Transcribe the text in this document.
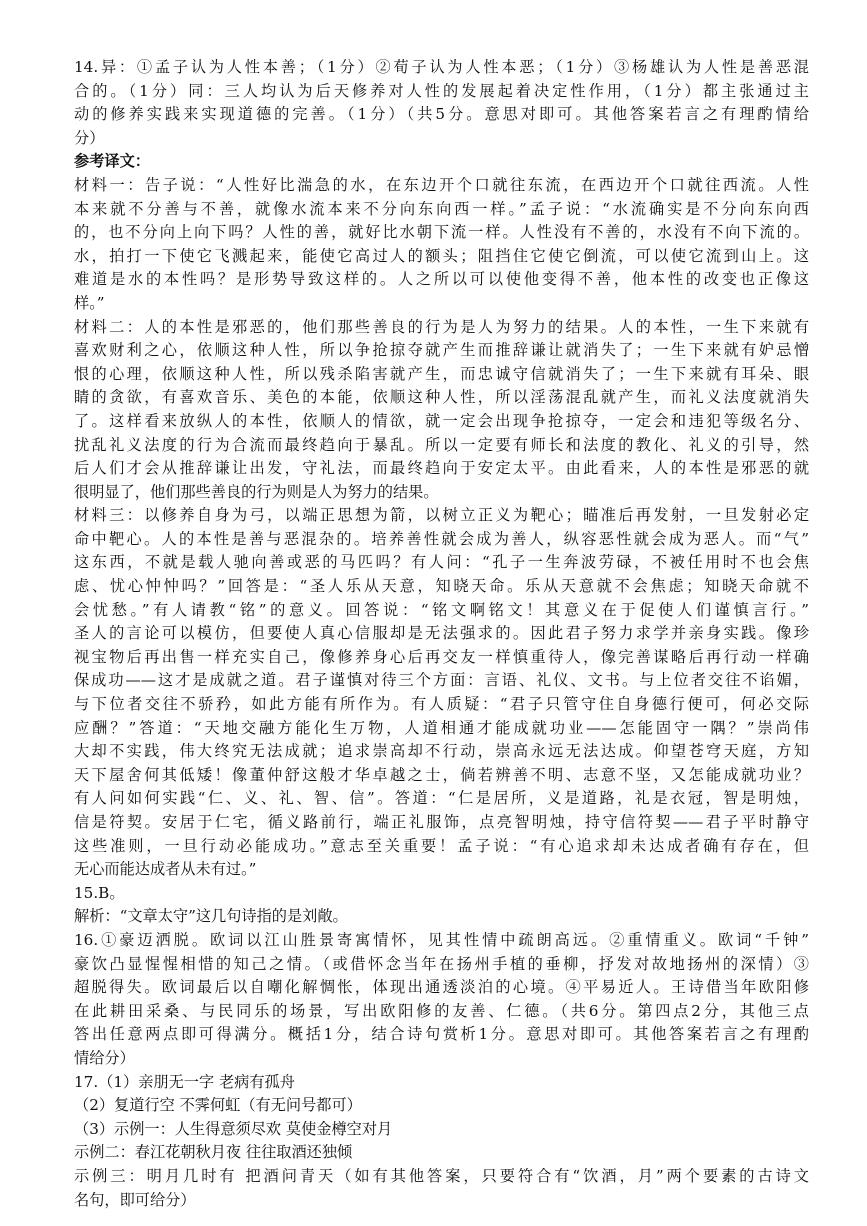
14.异：①孟子认为人性本善；（1分）②荀子认为人性本恶；（1分）③杨雄认为人性是善恶混
合的。（1分）同：三人均认为后天修养对人性的发展起着决定性作用，（1分）都主张通过主
动的修养实践来实现道德的完善。（1分）（共5分。意思对即可。其他答案若言之有理酌情给
分）
参考译文：
材料一：告子说：“人性好比湍急的水，在东边开个口就往东流，在西边开个口就往西流。人性
本来就不分善与不善，就像水流本来不分向东向西一样。”孟子说：“水流确实是不分向东向西
的，也不分向上向下吗？人性的善，就好比水朝下流一样。人性没有不善的，水没有不向下流的。
水，拍打一下使它飞溅起来，能使它高过人的额头；阻挡住它使它倒流，可以使它流到山上。这
难道是水的本性吗？是形势导致这样的。人之所以可以使他变得不善，他本性的改变也正像这
样。”
材料二：人的本性是邪恶的，他们那些善良的行为是人为努力的结果。人的本性，一生下来就有
喜欢财利之心，依顺这种人性，所以争抢掠夺就产生而推辞谦让就消失了；一生下来就有妒忌憎
恨的心理，依顺这种人性，所以残杀陷害就产生，而忠诚守信就消失了；一生下来就有耳朵、眼
睛的贪欲，有喜欢音乐、美色的本能，依顺这种人性，所以淫荡混乱就产生，而礼义法度就消失
了。这样看来放纵人的本性，依顺人的情欲，就一定会出现争抢掠夺，一定会和违犯等级名分、
扰乱礼义法度的行为合流而最终趋向于暴乱。所以一定要有师长和法度的教化、礼义的引导，然
后人们才会从推辞谦让出发，守礼法，而最终趋向于安定太平。由此看来，人的本性是邪恶的就
很明显了，他们那些善良的行为则是人为努力的结果。
材料三：以修养自身为弓，以端正思想为箭，以树立正义为靶心；瞄准后再发射，一旦发射必定
命中靶心。人的本性是善与恶混杂的。培养善性就会成为善人，纵容恶性就会成为恶人。而“气”
这东西，不就是载人驰向善或恶的马匹吗？有人问：“孔子一生奔波劳碌，不被任用时不也会焦
虑、忧心忡忡吗？”回答是：“圣人乐从天意，知晓天命。乐从天意就不会焦虑；知晓天命就不
会忧愁。”有人请教“铭”的意义。回答说：“铭文啊铭文！其意义在于促使人们谨慎言行。”
圣人的言论可以模仿，但要使人真心信服却是无法强求的。因此君子努力求学并亲身实践。像珍
视宝物后再出售一样充实自己，像修养身心后再交友一样慎重待人，像完善谋略后再行动一样确
保成功——这才是成就之道。君子谨慎对待三个方面：言语、礼仪、文书。与上位者交往不谄媚，
与下位者交往不骄矜，如此方能有所作为。有人质疑：“君子只管守住自身德行便可，何必交际
应酬？”答道：“天地交融方能化生万物，人道相通才能成就功业——怎能固守一隅？”崇尚伟
大却不实践，伟大终究无法成就；追求崇高却不行动，崇高永远无法达成。仰望苍穹天庭，方知
天下屋舍何其低矮！像董仲舒这般才华卓越之士，倘若辨善不明、志意不坚，又怎能成就功业？
有人问如何实践“仁、义、礼、智、信”。答道：“仁是居所，义是道路，礼是衣冠，智是明烛，
信是符契。安居于仁宅，循义路前行，端正礼服饰，点亮智明烛，持守信符契——君子平时静守
这些准则，一旦行动必能成功。”意志至关重要！孟子说：“有心追求却未达成者确有存在，但
无心而能达成者从未有过。”
15.B。
解析：“文章太守”这几句诗指的是刘敞。
16.①豪迈洒脱。欧词以江山胜景寄寓情怀，见其性情中疏朗高远。②重情重义。欧词“千钟”
豪饮凸显惺惺相惜的知己之情。（或借怀念当年在扬州手植的垂柳，抒发对故地扬州的深情）③
超脱得失。欧词最后以自嘲化解惆怅，体现出通透淡泊的心境。④平易近人。王诗借当年欧阳修
在此耕田采桑、与民同乐的场景，写出欧阳修的友善、仁德。（共6分。第四点2分，其他三点
答出任意两点即可得满分。概括1分，结合诗句赏析1分。意思对即可。其他答案若言之有理酌
情给分）
17.（1）亲朋无一字 老病有孤舟
（2）复道行空 不霁何虹（有无问号都可）
（3）示例一：人生得意须尽欢 莫使金樽空对月
示例二：春江花朝秋月夜 往往取酒还独倾
示例三：明月几时有 把酒问青天（如有其他答案，只要符合有“饮酒，月”两个要素的古诗文
名句，即可给分）
